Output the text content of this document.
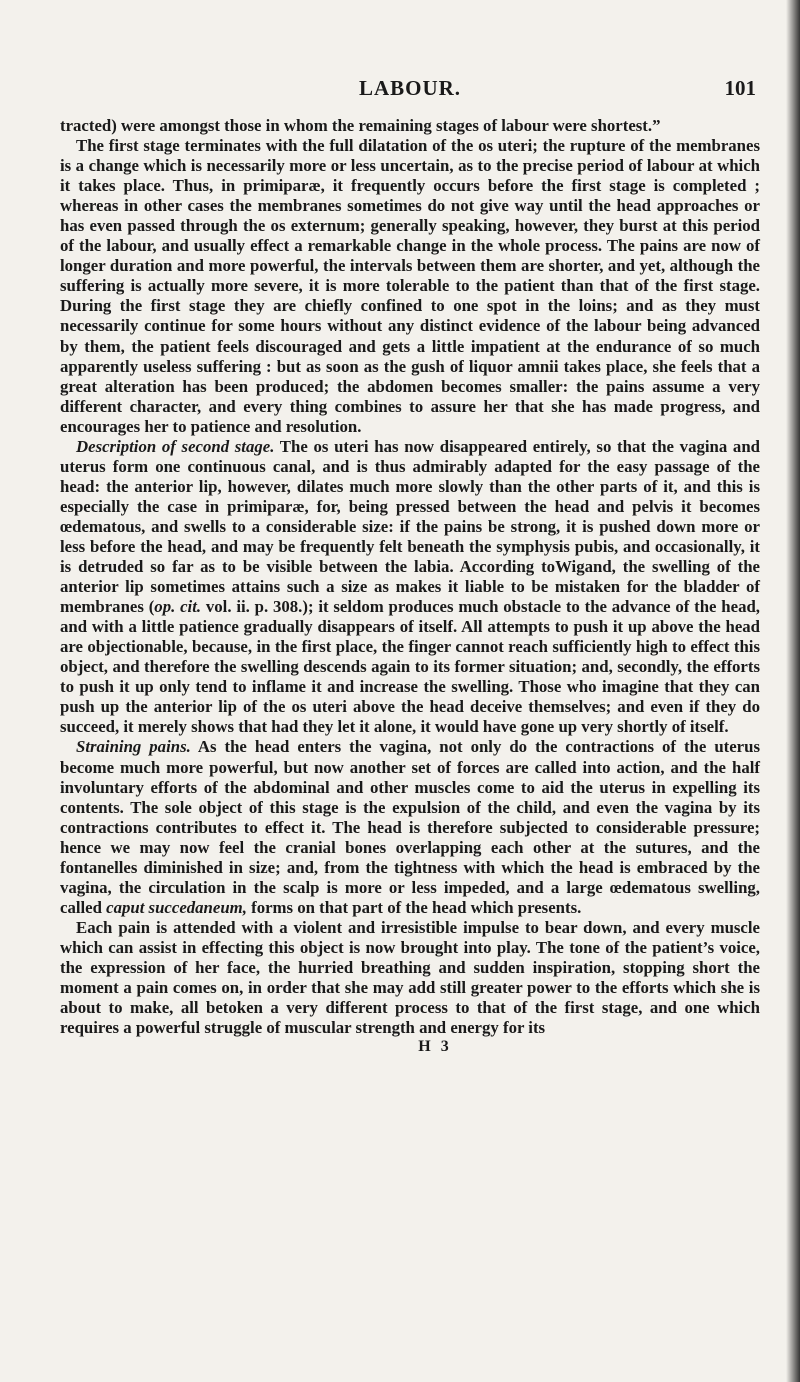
LABOUR.	101

tracted) were amongst those in whom the remaining stages of labour were shortest.”

The first stage terminates with the full dilatation of the os uteri; the rupture of the membranes is a change which is necessarily more or less uncertain, as to the precise period of labour at which it takes place. Thus, in primiparæ, it frequently occurs before the first stage is completed ; whereas in other cases the membranes sometimes do not give way until the head approaches or has even passed through the os externum; generally speaking, however, they burst at this period of the labour, and usually effect a remarkable change in the whole process. The pains are now of longer duration and more powerful, the intervals between them are shorter, and yet, although the suffering is actually more severe, it is more tolerable to the patient than that of the first stage. During the first stage they are chiefly confined to one spot in the loins; and as they must necessarily continue for some hours without any distinct evidence of the labour being advanced by them, the patient feels discouraged and gets a little impatient at the endurance of so much apparently useless suffering : but as soon as the gush of liquor amnii takes place, she feels that a great alteration has been produced; the abdomen becomes smaller: the pains assume a very different character, and every thing combines to assure her that she has made progress, and encourages her to patience and resolution.

Description of second stage. The os uteri has now disappeared entirely, so that the vagina and uterus form one continuous canal, and is thus admirably adapted for the easy passage of the head: the anterior lip, however, dilates much more slowly than the other parts of it, and this is especially the case in primiparæ, for, being pressed between the head and pelvis it becomes œdematous, and swells to a considerable size: if the pains be strong, it is pushed down more or less before the head, and may be frequently felt beneath the symphysis pubis, and occasionally, it is detruded so far as to be visible between the labia. According toWigand, the swelling of the anterior lip sometimes attains such a size as makes it liable to be mistaken for the bladder of membranes (op. cit. vol. ii. p. 308.); it seldom produces much obstacle to the advance of the head, and with a little patience gradually disappears of itself. All attempts to push it up above the head are objectionable, because, in the first place, the finger cannot reach sufficiently high to effect this object, and therefore the swelling descends again to its former situation; and, secondly, the efforts to push it up only tend to inflame it and increase the swelling. Those who imagine that they can push up the anterior lip of the os uteri above the head deceive themselves; and even if they do succeed, it merely shows that had they let it alone, it would have gone up very shortly of itself.

Straining pains. As the head enters the vagina, not only do the contractions of the uterus become much more powerful, but now another set of forces are called into action, and the half involuntary efforts of the abdominal and other muscles come to aid the uterus in expelling its contents. The sole object of this stage is the expulsion of the child, and even the vagina by its contractions contributes to effect it. The head is therefore subjected to considerable pressure; hence we may now feel the cranial bones overlapping each other at the sutures, and the fontanelles diminished in size; and, from the tightness with which the head is embraced by the vagina, the circulation in the scalp is more or less impeded, and a large œdematous swelling, called caput succedaneum, forms on that part of the head which presents.

Each pain is attended with a violent and irresistible impulse to bear down, and every muscle which can assist in effecting this object is now brought into play. The tone of the patient’s voice, the expression of her face, the hurried breathing and sudden inspiration, stopping short the moment a pain comes on, in order that she may add still greater power to the efforts which she is about to make, all betoken a very different process to that of the first stage, and one which requires a powerful struggle of muscular strength and energy for its

H 3
